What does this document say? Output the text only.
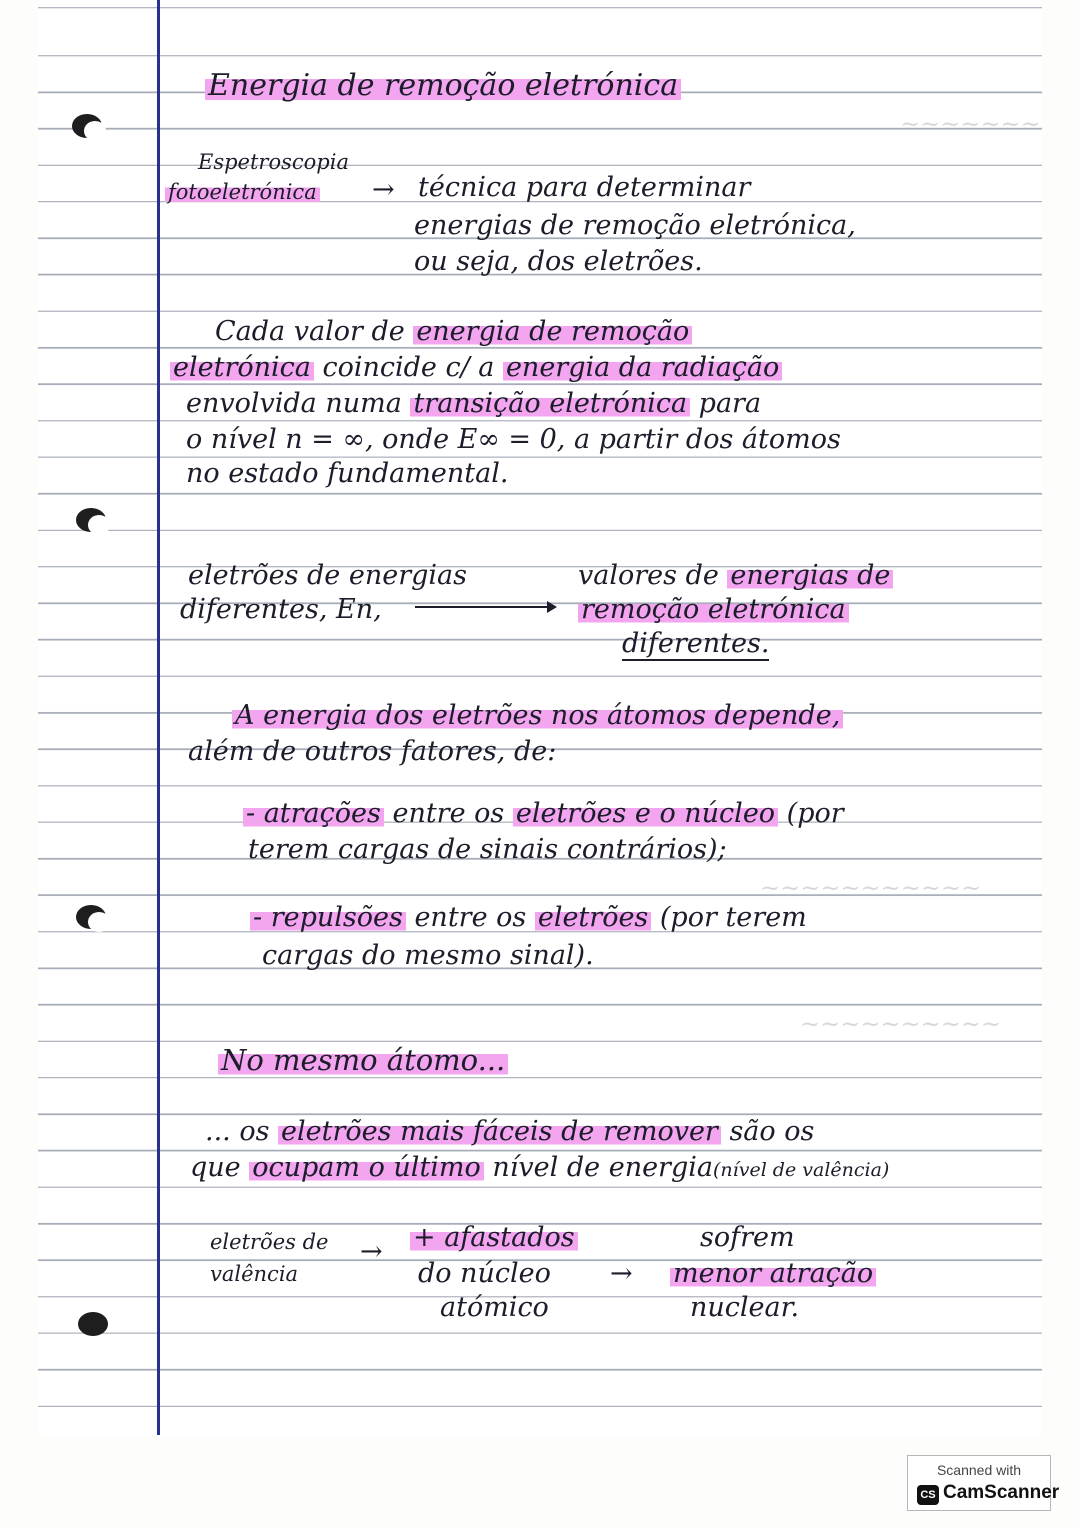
~~~~~~~
~~~~~~~~~~~
~~~~~~~~~~
Energia de remoção eletrónica
Espetroscopia
fotoeletrónica → técnica para determinar
energias de remoção eletrónica,
ou seja, dos eletrões.
Cada valor de energia de remoção
eletrónica coincide c/ a energia da radiação
envolvida numa transição eletrónica para
o nível n = ∞, onde E∞ = 0, a partir dos átomos
no estado fundamental.
eletrões de energias
diferentes, En,
valores de energias de
remoção eletrónica
diferentes.
A energia dos eletrões nos átomos depende,
além de outros fatores, de:
- atrações entre os eletrões e o núcleo (por
terem cargas de sinais contrários);
- repulsões entre os eletrões (por terem
cargas do mesmo sinal).
No mesmo átomo...
... os eletrões mais fáceis de remover são os
que ocupam o último nível de energia(nível de valência)
eletrões de
valência
→ + afastados
do núcleo
atómico
→
sofrem
menor atração
nuclear.
Scanned with
CS CamScanner
